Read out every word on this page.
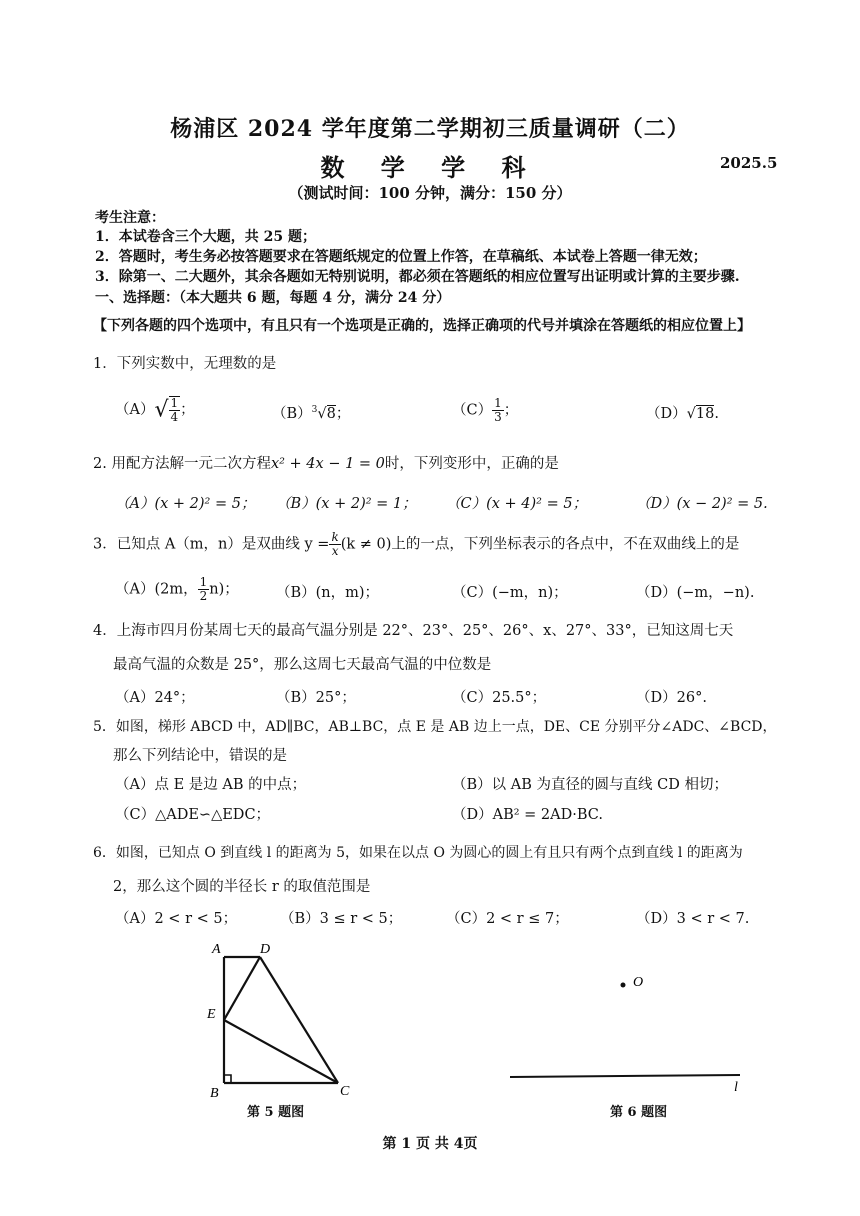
杨浦区 2024 学年度第二学期初三质量调研（二）
数 学 学 科	2025.5
（测试时间：100 分钟，满分：150 分）
考生注意：
1．本试卷含三个大题，共 25 题；
2．答题时，考生务必按答题要求在答题纸规定的位置上作答，在草稿纸、本试卷上答题一律无效；
3．除第一、二大题外，其余各题如无特别说明，都必须在答题纸的相应位置写出证明或计算的主要步骤.
一、选择题：（本大题共 6 题，每题 4 分，满分 24 分）
【下列各题的四个选项中，有且只有一个选项是正确的，选择正确项的代号并填涂在答题纸的相应位置上】
1．下列实数中，无理数的是
$(A)√ \frac{1}{4}$ ；	$(B)^3√8$；	$(C) \frac{1}{3}$ ；	（D）√18.
2. 用配方法解一元二次方程x² + 4x − 1 = 0时，下列变形中，正确的是
（A）(x + 2)² = 5； （B）(x + 2)² = 1； （C）(x + 4)² = 5；	（D）(x − 2)² = 5.
3．已知点 A（m，n）是双曲线 $y = \frac{k}{x} (k \ne 0)$上的一点，下列坐标表示的各点中，不在双曲线上的是
（A）(2m， $\frac{1}{2} n$)；	（B）(n，m)；	（C）(−m，n)；	（D）(−m，−n).
4．上海市四月份某周七天的最高气温分别是 22°、23°、25°、26°、x、27°、33°，已知这周七天
最高气温的众数是 25°，那么这周七天最高气温的中位数是
（A）24°；	（B）25°；	（C）25.5°；	（D）26°.
5．如图，梯形 ABCD 中，AD∥BC，AB⊥BC，点 E 是 AB 边上一点，DE、CE 分别平分∠ADC、∠BCD，
那么下列结论中，错误的是
（A）点 E 是边 AB 的中点；	（B）以 AB 为直径的圆与直线 CD 相切；
（C）△ADE∽△EDC；	（D）AB² = 2AD·BC.
6．如图，已知点 O 到直线 l 的距离为 5，如果在以点 O 为圆心的圆上有且只有两个点到直线 l 的距离为
2，那么这个圆的半径长 r 的取值范围是
（A）2 < r < 5；	（B）3 ≤ r < 5；	（C）2 < r ≤ 7；	（D）3 < r < 7.
A	D
E
B	C
第 5 题图
O
l
第 6 题图
第 1 页 共 4页
